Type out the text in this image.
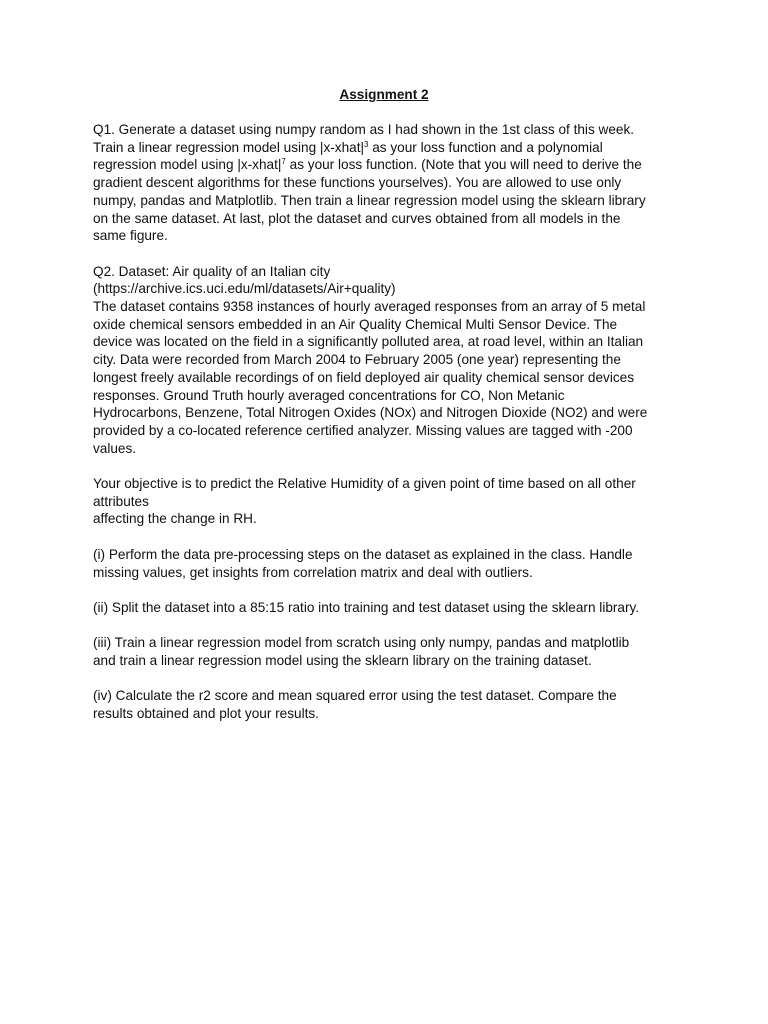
Assignment 2
Q1. Generate a dataset using numpy random as I had shown in the 1st class of this week.
Train a linear regression model using $|x-xhat|^3$ as your loss function and a polynomial
regression model using $|x-xhat|^7$ as your loss function. (Note that you will need to derive the
gradient descent algorithms for these functions yourselves). You are allowed to use only
numpy, pandas and Matplotlib. Then train a linear regression model using the sklearn library
on the same dataset. At last, plot the dataset and curves obtained from all models in the
same figure.
Q2. Dataset: Air quality of an Italian city
(https://archive.ics.uci.edu/ml/datasets/Air+quality)
The dataset contains 9358 instances of hourly averaged responses from an array of 5 metal
oxide chemical sensors embedded in an Air Quality Chemical Multi Sensor Device. The
device was located on the field in a significantly polluted area, at road level, within an Italian
city. Data were recorded from March 2004 to February 2005 (one year) representing the
longest freely available recordings of on field deployed air quality chemical sensor devices
responses. Ground Truth hourly averaged concentrations for CO, Non Metanic
Hydrocarbons, Benzene, Total Nitrogen Oxides (NOx) and Nitrogen Dioxide (NO2) and were
provided by a co-located reference certified analyzer. Missing values are tagged with -200
values.
Your objective is to predict the Relative Humidity of a given point of time based on all other
attributes
affecting the change in RH.
(i) Perform the data pre-processing steps on the dataset as explained in the class. Handle
missing values, get insights from correlation matrix and deal with outliers.
(ii) Split the dataset into a 85:15 ratio into training and test dataset using the sklearn library.
(iii) Train a linear regression model from scratch using only numpy, pandas and matplotlib
and train a linear regression model using the sklearn library on the training dataset.
(iv) Calculate the r2 score and mean squared error using the test dataset. Compare the
results obtained and plot your results.
